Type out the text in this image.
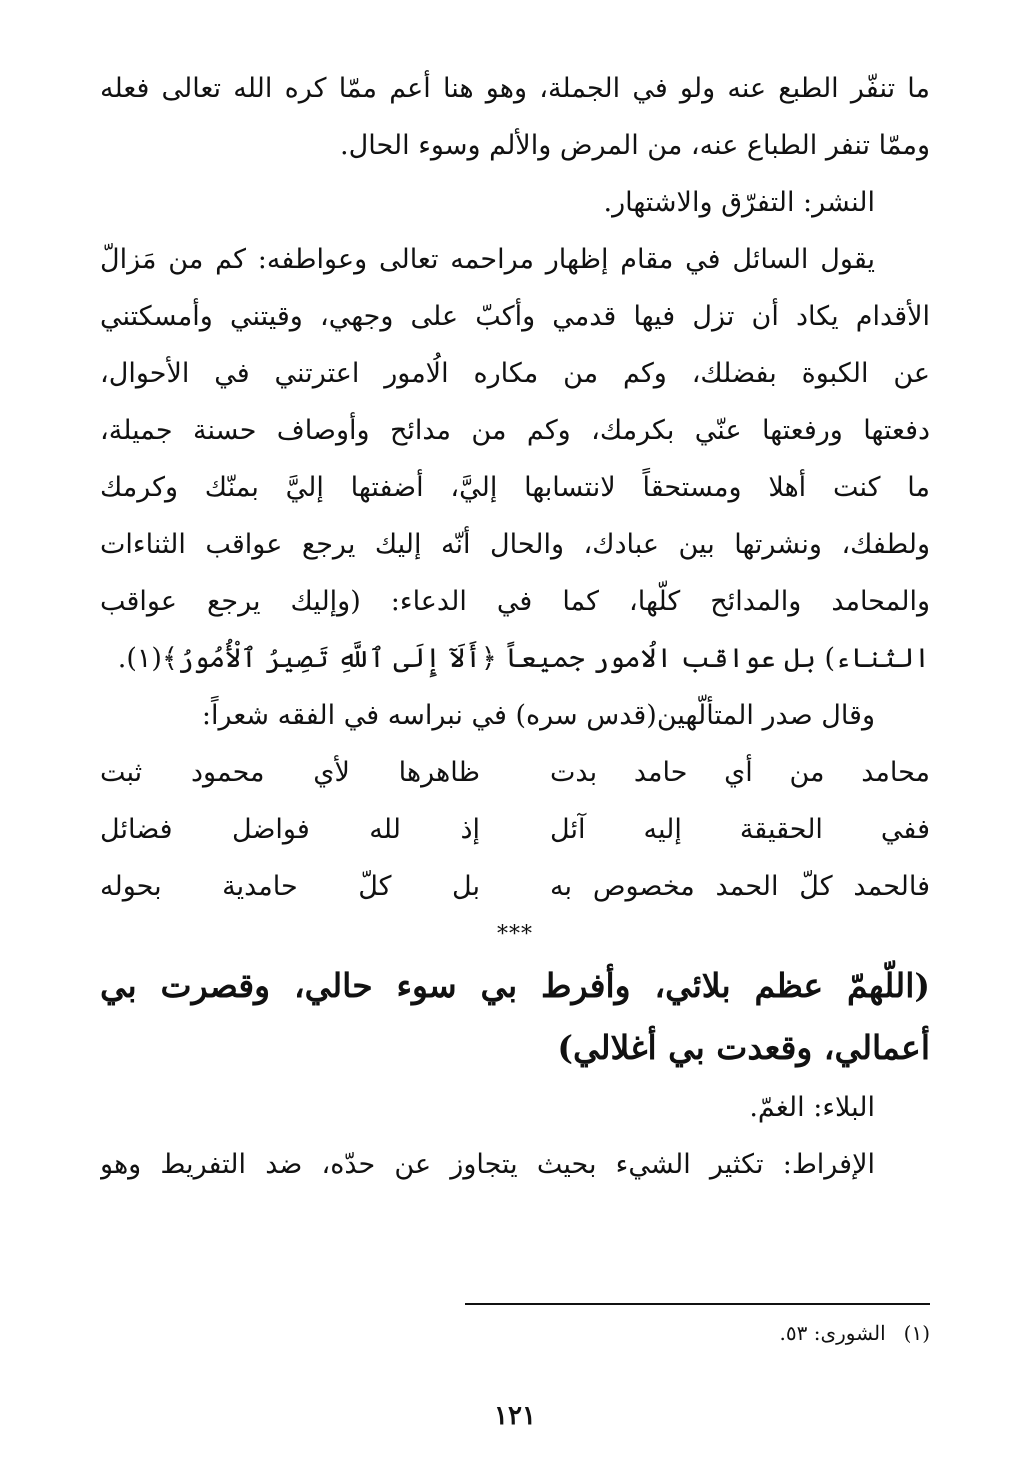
ما تنفّر الطبع عنه ولو في الجملة، وهو هنا أعم ممّا كره الله تعالى فعله
وممّا تنفر الطباع عنه، من المرض والألم وسوء الحال.
النشر: التفرّق والاشتهار.
يقول السائل في مقام إظهار مراحمه تعالى وعواطفه: كم من مَزالّ
الأقدام يكاد أن تزل فيها قدمي وأكبّ على وجهي، وقيتني وأمسكتني
عن الكبوة بفضلك، وكم من مكاره الُامور اعترتني في الأحوال،
دفعتها ورفعتها عنّي بكرمك، وكم من مدائح وأوصاف حسنة جميلة،
ما كنت أهلا ومستحقاً لانتسابها إليَّ، أضفتها إليَّ بمنّك وكرمك
ولطفك، ونشرتها بين عبادك، والحال أنّه إليك يرجع عواقب الثناءات
والمحامد والمدائح كلّها، كما في الدعاء: (وإليك يرجع عواقب
الثناء) بل عواقب الُامور جميعاً ﴿أَلَآ إِلَى ٱللَّهِ تَصِيرُ ٱلْأُمُورُ﴾(١).
وقال صدر المتألّهين(قدس سره) في نبراسه في الفقه شعراً:
محامد من أي حامد بدت
ظاهرها لأي محمود ثبت
ففي الحقيقة إليه آئل
إذ لله فواضل فضائل
فالحمد كلّ الحمد مخصوص به
بل كلّ حامدية بحوله
***
(اللّهمّ عظم بلائي، وأفرط بي سوء حالي، وقصرت بي
أعمالي، وقعدت بي أغلالي)
البلاء: الغمّ.
الإفراط: تكثير الشيء بحيث يتجاوز عن حدّه، ضد التفريط وهو
(١)الشورى: ٥٣.
١٢١
